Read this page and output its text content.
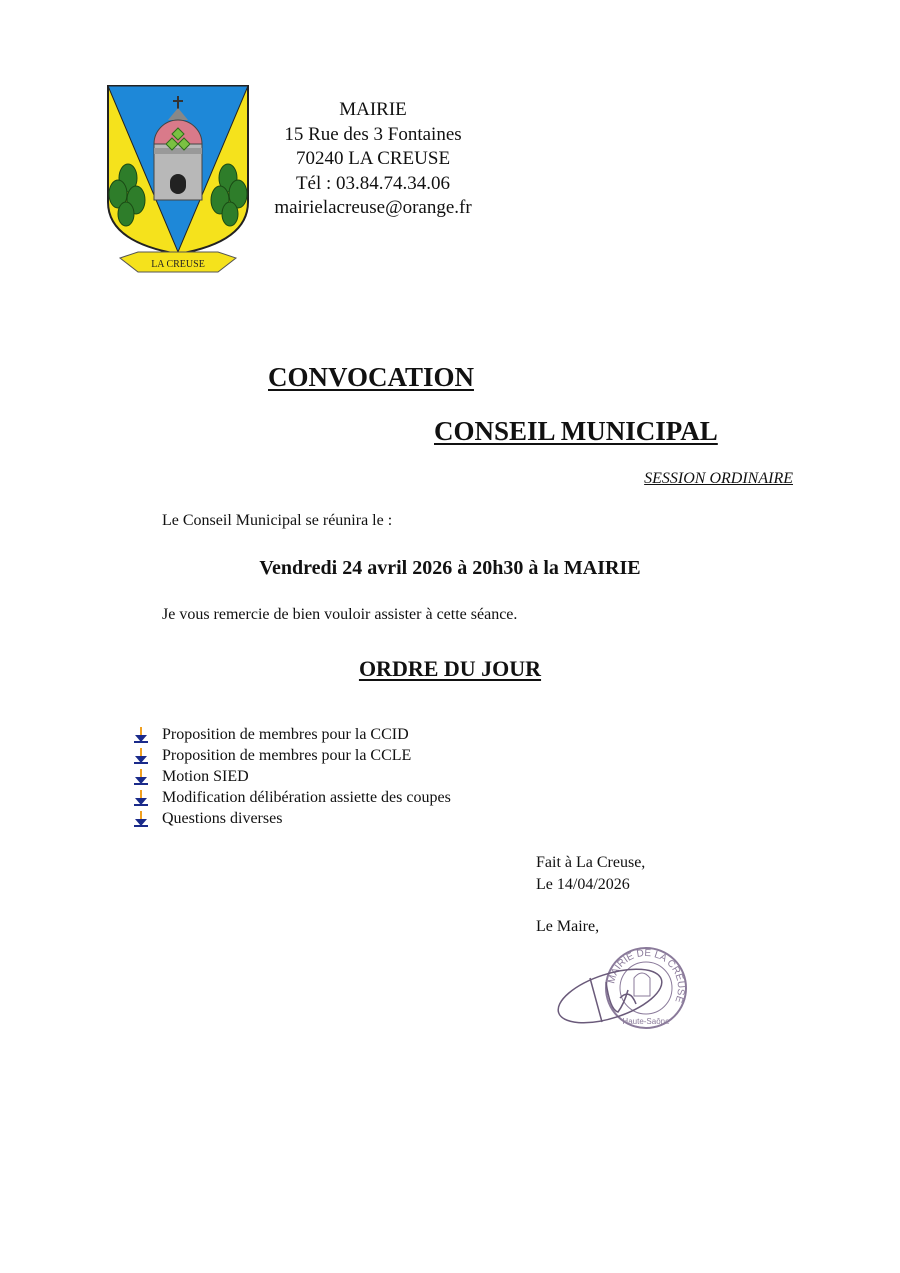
LA CREUSE
MAIRIE
15 Rue des 3 Fontaines
70240 LA CREUSE
Tél : 03.84.74.34.06
mairielacreuse@orange.fr
CONVOCATION
CONSEIL MUNICIPAL
SESSION ORDINAIRE
Le Conseil Municipal se réunira le :
Vendredi 24 avril 2026 à 20h30 à la MAIRIE
Je vous remercie de bien vouloir assister à cette séance.
ORDRE DU JOUR
Proposition de membres pour la CCID
Proposition de membres pour la CCLE
Motion SIED
Modification délibération assiette des coupes
Questions diverses
Fait à La Creuse,
Le 14/04/2026
Le Maire,
MAIRIE DE LA CREUSE
Haute-Saône
